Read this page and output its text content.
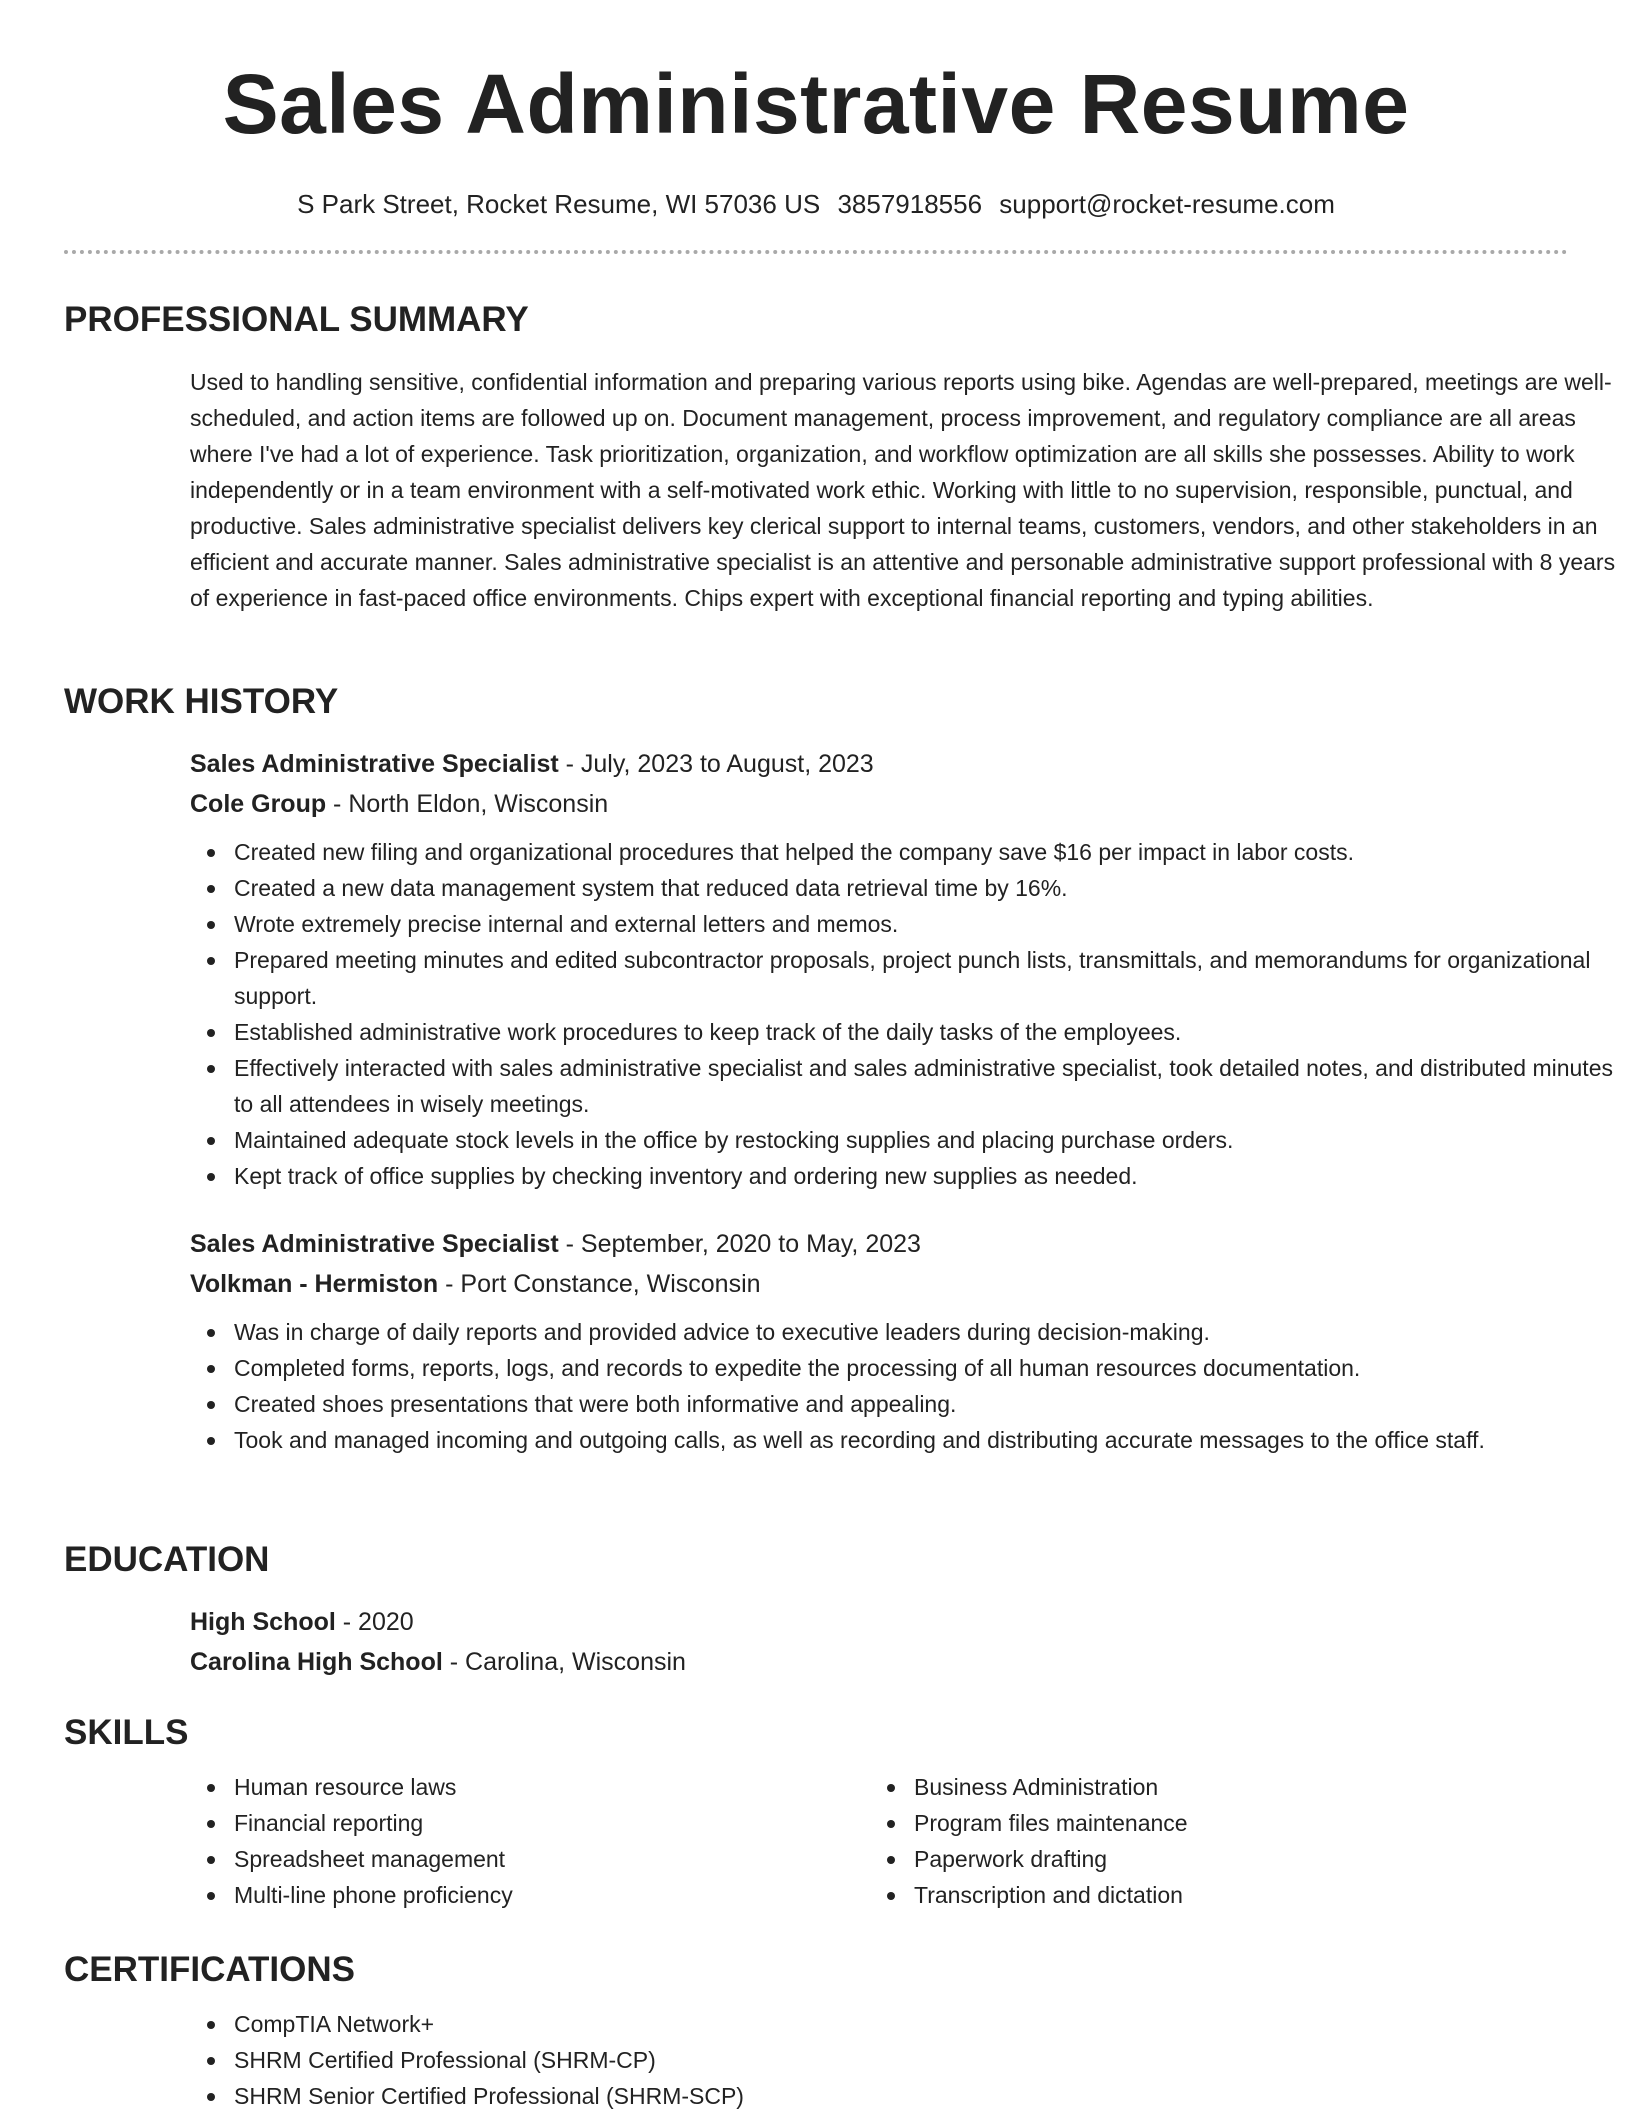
Sales Administrative Resume
S Park Street, Rocket Resume, WI 57036 US 3857918556 support@rocket-resume.com
PROFESSIONAL SUMMARY
Used to handling sensitive, confidential information and preparing various reports using bike. Agendas are well-prepared, meetings are well-scheduled, and action items are followed up on. Document management, process improvement, and regulatory compliance are all areas where I've had a lot of experience. Task prioritization, organization, and workflow optimization are all skills she possesses. Ability to work independently or in a team environment with a self-motivated work ethic. Working with little to no supervision, responsible, punctual, and productive. Sales administrative specialist delivers key clerical support to internal teams, customers, vendors, and other stakeholders in an efficient and accurate manner. Sales administrative specialist is an attentive and personable administrative support professional with 8 years of experience in fast-paced office environments. Chips expert with exceptional financial reporting and typing abilities.
WORK HISTORY
Sales Administrative Specialist - July, 2023 to August, 2023
Cole Group - North Eldon, Wisconsin
Created new filing and organizational procedures that helped the company save $16 per impact in labor costs.
Created a new data management system that reduced data retrieval time by 16%.
Wrote extremely precise internal and external letters and memos.
Prepared meeting minutes and edited subcontractor proposals, project punch lists, transmittals, and memorandums for organizational support.
Established administrative work procedures to keep track of the daily tasks of the employees.
Effectively interacted with sales administrative specialist and sales administrative specialist, took detailed notes, and distributed minutes to all attendees in wisely meetings.
Maintained adequate stock levels in the office by restocking supplies and placing purchase orders.
Kept track of office supplies by checking inventory and ordering new supplies as needed.
Sales Administrative Specialist - September, 2020 to May, 2023
Volkman - Hermiston - Port Constance, Wisconsin
Was in charge of daily reports and provided advice to executive leaders during decision-making.
Completed forms, reports, logs, and records to expedite the processing of all human resources documentation.
Created shoes presentations that were both informative and appealing.
Took and managed incoming and outgoing calls, as well as recording and distributing accurate messages to the office staff.
EDUCATION
High School - 2020
Carolina High School - Carolina, Wisconsin
SKILLS
Human resource laws
Financial reporting
Spreadsheet management
Multi-line phone proficiency
Business Administration
Program files maintenance
Paperwork drafting
Transcription and dictation
CERTIFICATIONS
CompTIA Network+
SHRM Certified Professional (SHRM-CP)
SHRM Senior Certified Professional (SHRM-SCP)
